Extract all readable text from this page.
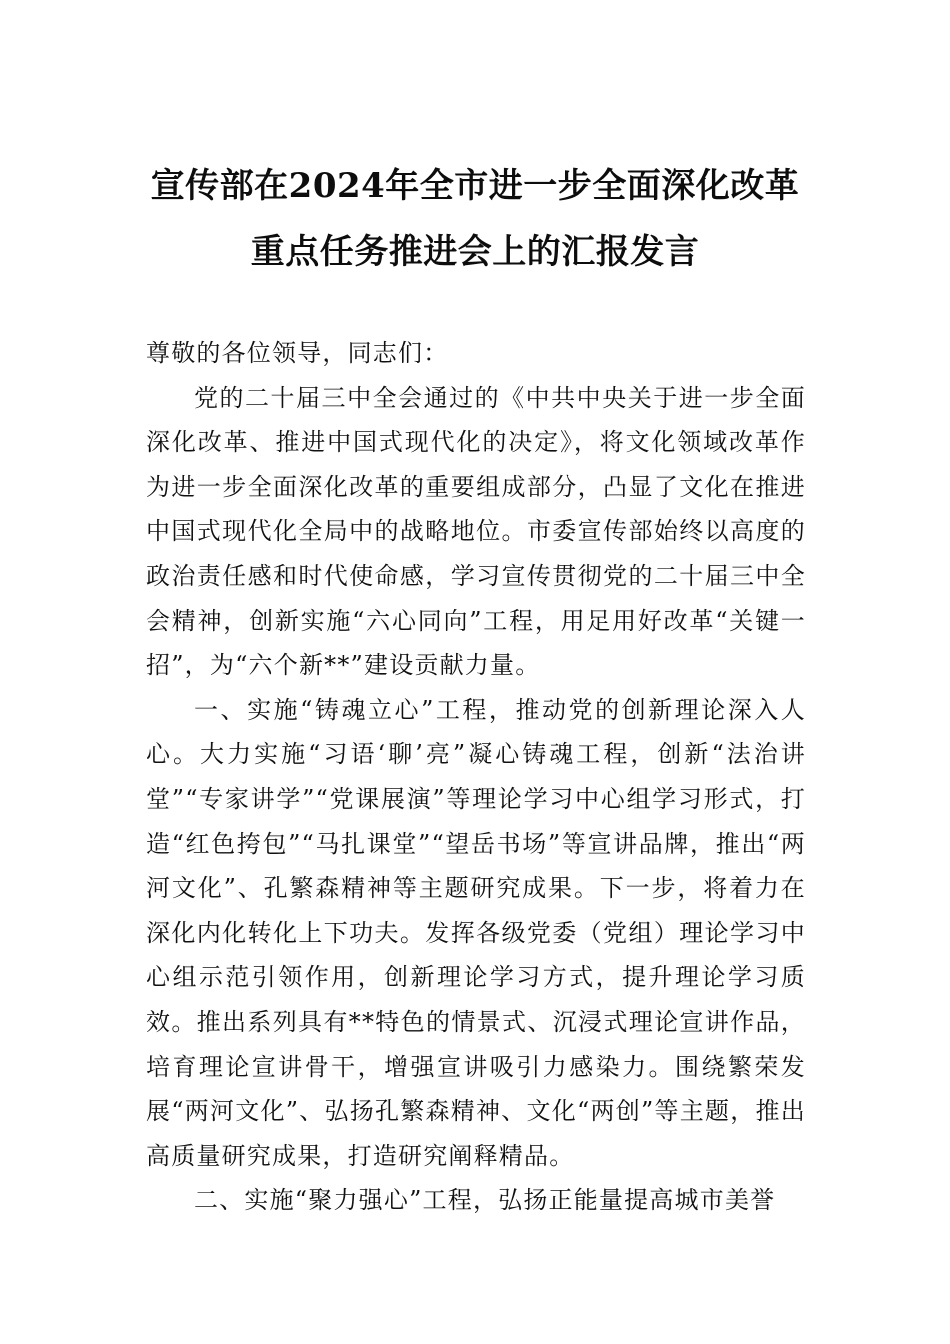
宣传部在2024年全市进一步全面深化改革
重点任务推进会上的汇报发言

尊敬的各位领导，同志们：

党的二十届三中全会通过的《中共中央关于进一步全面深化改革、推进中国式现代化的决定》，将文化领域改革作为进一步全面深化改革的重要组成部分，凸显了文化在推进中国式现代化全局中的战略地位。市委宣传部始终以高度的政治责任感和时代使命感，学习宣传贯彻党的二十届三中全会精神，创新实施“六心同向”工程，用足用好改革“关键一招”，为“六个新**”建设贡献力量。

一、实施“铸魂立心”工程，推动党的创新理论深入人心。大力实施“习语‘聊’亮”凝心铸魂工程，创新“法治讲堂”“专家讲学”“党课展演”等理论学习中心组学习形式，打造“红色挎包”“马扎课堂”“望岳书场”等宣讲品牌，推出“两河文化”、孔繁森精神等主题研究成果。下一步，将着力在深化内化转化上下功夫。发挥各级党委（党组）理论学习中心组示范引领作用，创新理论学习方式，提升理论学习质效。推出系列具有**特色的情景式、沉浸式理论宣讲作品，培育理论宣讲骨干，增强宣讲吸引力感染力。围绕繁荣发展“两河文化”、弘扬孔繁森精神、文化“两创”等主题，推出高质量研究成果，打造研究阐释精品。

二、实施“聚力强心”工程，弘扬正能量提高城市美誉
